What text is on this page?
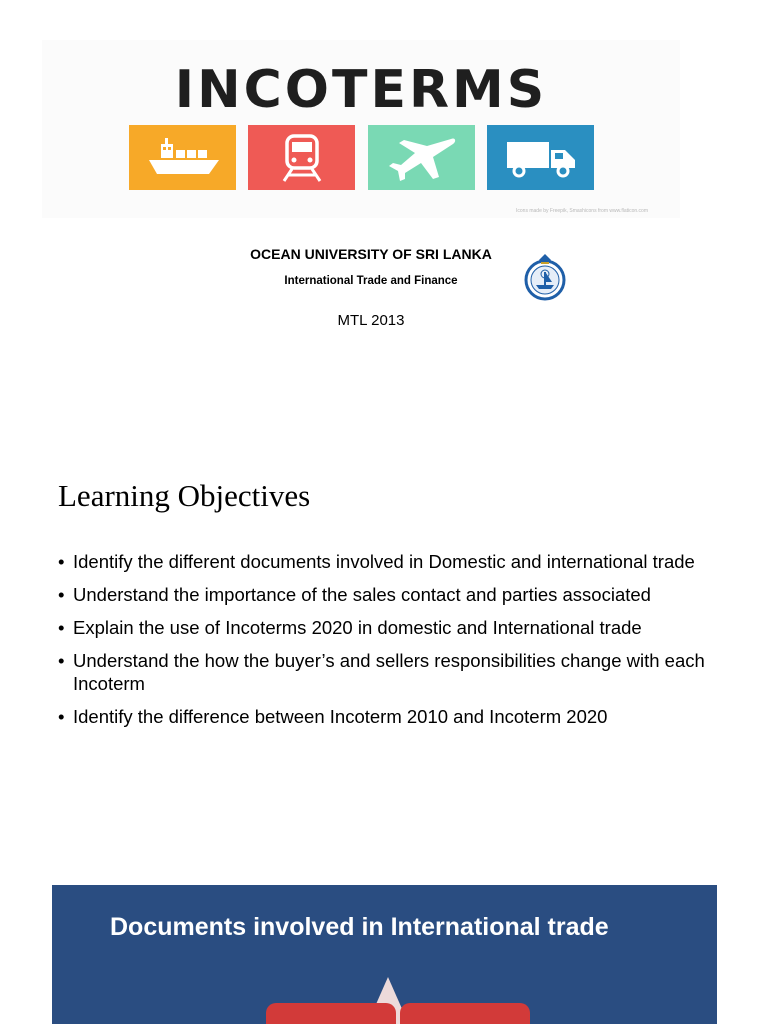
INCOTERMS
Icons made by Freepik, Smashicons from www.flaticon.com
OCEAN UNIVERSITY OF SRI LANKA
International Trade and Finance
MTL 2013
Learning Objectives
• Identify the different documents involved in Domestic and international trade
• Understand the importance of the sales contact and parties associated
• Explain the use of Incoterms 2020 in domestic and International trade
• Understand the how the buyer’s and sellers responsibilities change with each Incoterm
• Identify the difference between Incoterm 2010 and Incoterm 2020
Documents involved in International trade
